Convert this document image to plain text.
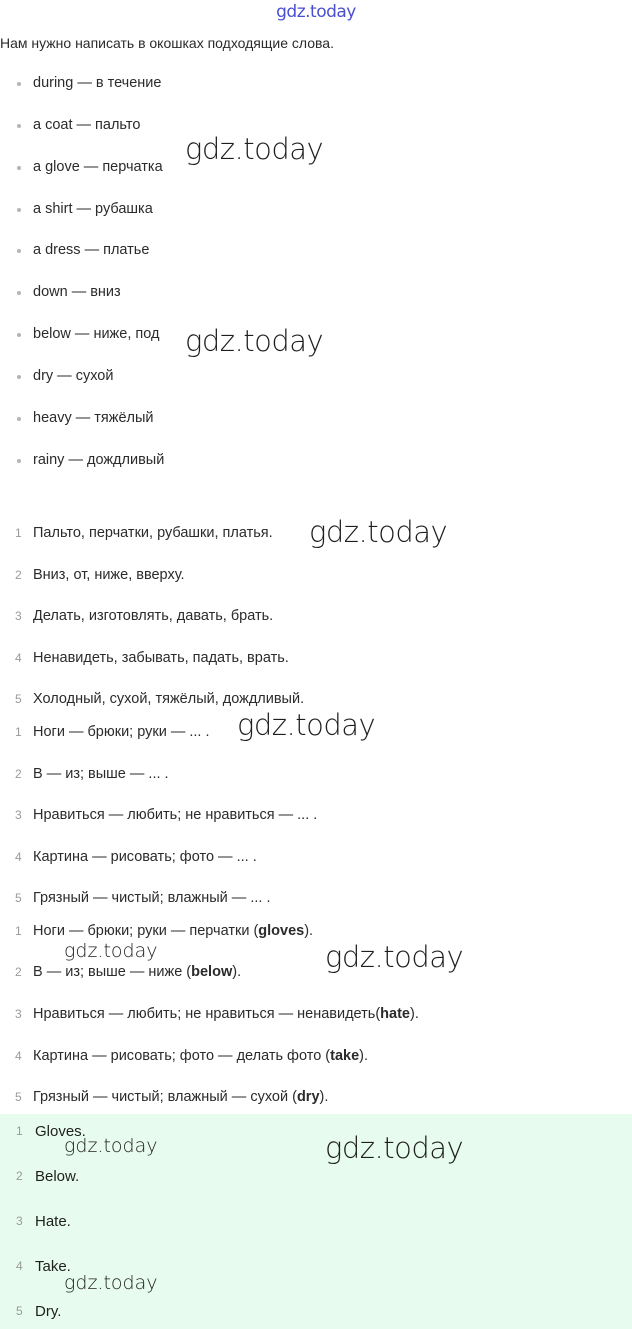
gdz.today
Нам нужно написать в окошках подходящие слова.
during — в течение
a coat — пальто
a glove — перчатка
a shirt — рубашка
a dress — платье
down — вниз
below — ниже, под
dry — сухой
heavy — тяжёлый
rainy — дождливый
1 Пальто, перчатки, рубашки, платья.
2 Вниз, от, ниже, вверху.
3 Делать, изготовлять, давать, брать.
4 Ненавидеть, забывать, падать, врать.
5 Холодный, сухой, тяжёлый, дождливый.
1 Ноги — брюки; руки — ... .
2 В — из; выше — ... .
3 Нравиться — любить; не нравиться — ... .
4 Картина — рисовать; фото — ... .
5 Грязный — чистый; влажный — ... .
1 Ноги — брюки; руки — перчатки (gloves).
2 В — из; выше — ниже (below).
3 Нравиться — любить; не нравиться — ненавидеть(hate).
4 Картина — рисовать; фото — делать фото (take).
5 Грязный — чистый; влажный — сухой (dry).
1 Gloves.
2 Below.
3 Hate.
4 Take.
5 Dry.
gdz.today
gdz.today
gdz.today
gdz.today
gdz.today	gdz.today
gdz.today	gdz.today
gdz.today
